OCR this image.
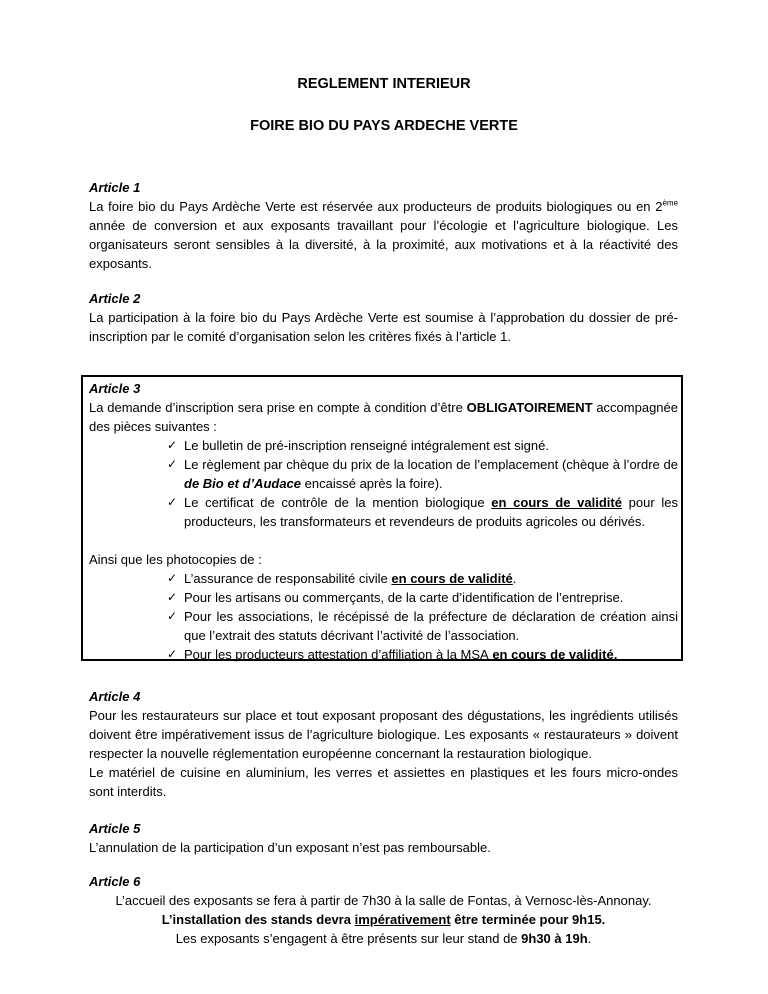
REGLEMENT INTERIEUR
FOIRE BIO DU PAYS ARDECHE VERTE
Article 1

La foire bio du Pays Ardèche Verte est réservée aux producteurs de produits biologiques ou en 2ème année de conversion et aux exposants travaillant pour l’écologie et l’agriculture biologique. Les organisateurs seront sensibles à la diversité, à la proximité, aux motivations et à la réactivité des exposants.

Article 2

La participation à la foire bio du Pays Ardèche Verte est soumise à l’approbation du dossier de pré-inscription par le comité d’organisation selon les critères fixés à l’article 1.

Article 3

La demande d’inscription sera prise en compte à condition d’être OBLIGATOIREMENT accompagnée des pièces suivantes :

✓ Le bulletin de pré-inscription renseigné intégralement est signé.
✓ Le règlement par chèque du prix de la location de l’emplacement (chèque à l’ordre de de Bio et d’Audace encaissé après la foire).
✓ Le certificat de contrôle de la mention biologique en cours de validité pour les producteurs, les transformateurs et revendeurs de produits agricoles ou dérivés.

Ainsi que les photocopies de :

✓ L’assurance de responsabilité civile en cours de validité.
✓ Pour les artisans ou commerçants, de la carte d’identification de l’entreprise.
✓ Pour les associations, le récépissé de la préfecture de déclaration de création ainsi que l’extrait des statuts décrivant l’activité de l’association.
✓ Pour les producteurs attestation d’affiliation à la MSA en cours de validité.
Article 4

Pour les restaurateurs sur place et tout exposant proposant des dégustations, les ingrédients utilisés doivent être impérativement issus de l’agriculture biologique. Les exposants « restaurateurs » doivent respecter la nouvelle réglementation européenne concernant la restauration biologique.

Le matériel de cuisine en aluminium, les verres et assiettes en plastiques et les fours micro-ondes sont interdits.

Article 5

L’annulation de la participation d’un exposant n’est pas remboursable.

Article 6
L’accueil des exposants se fera à partir de 7h30 à la salle de Fontas, à Vernosc-lès-Annonay.
L’installation des stands devra impérativement être terminée pour 9h15.
Les exposants s’engagent à être présents sur leur stand de 9h30 à 19h.
